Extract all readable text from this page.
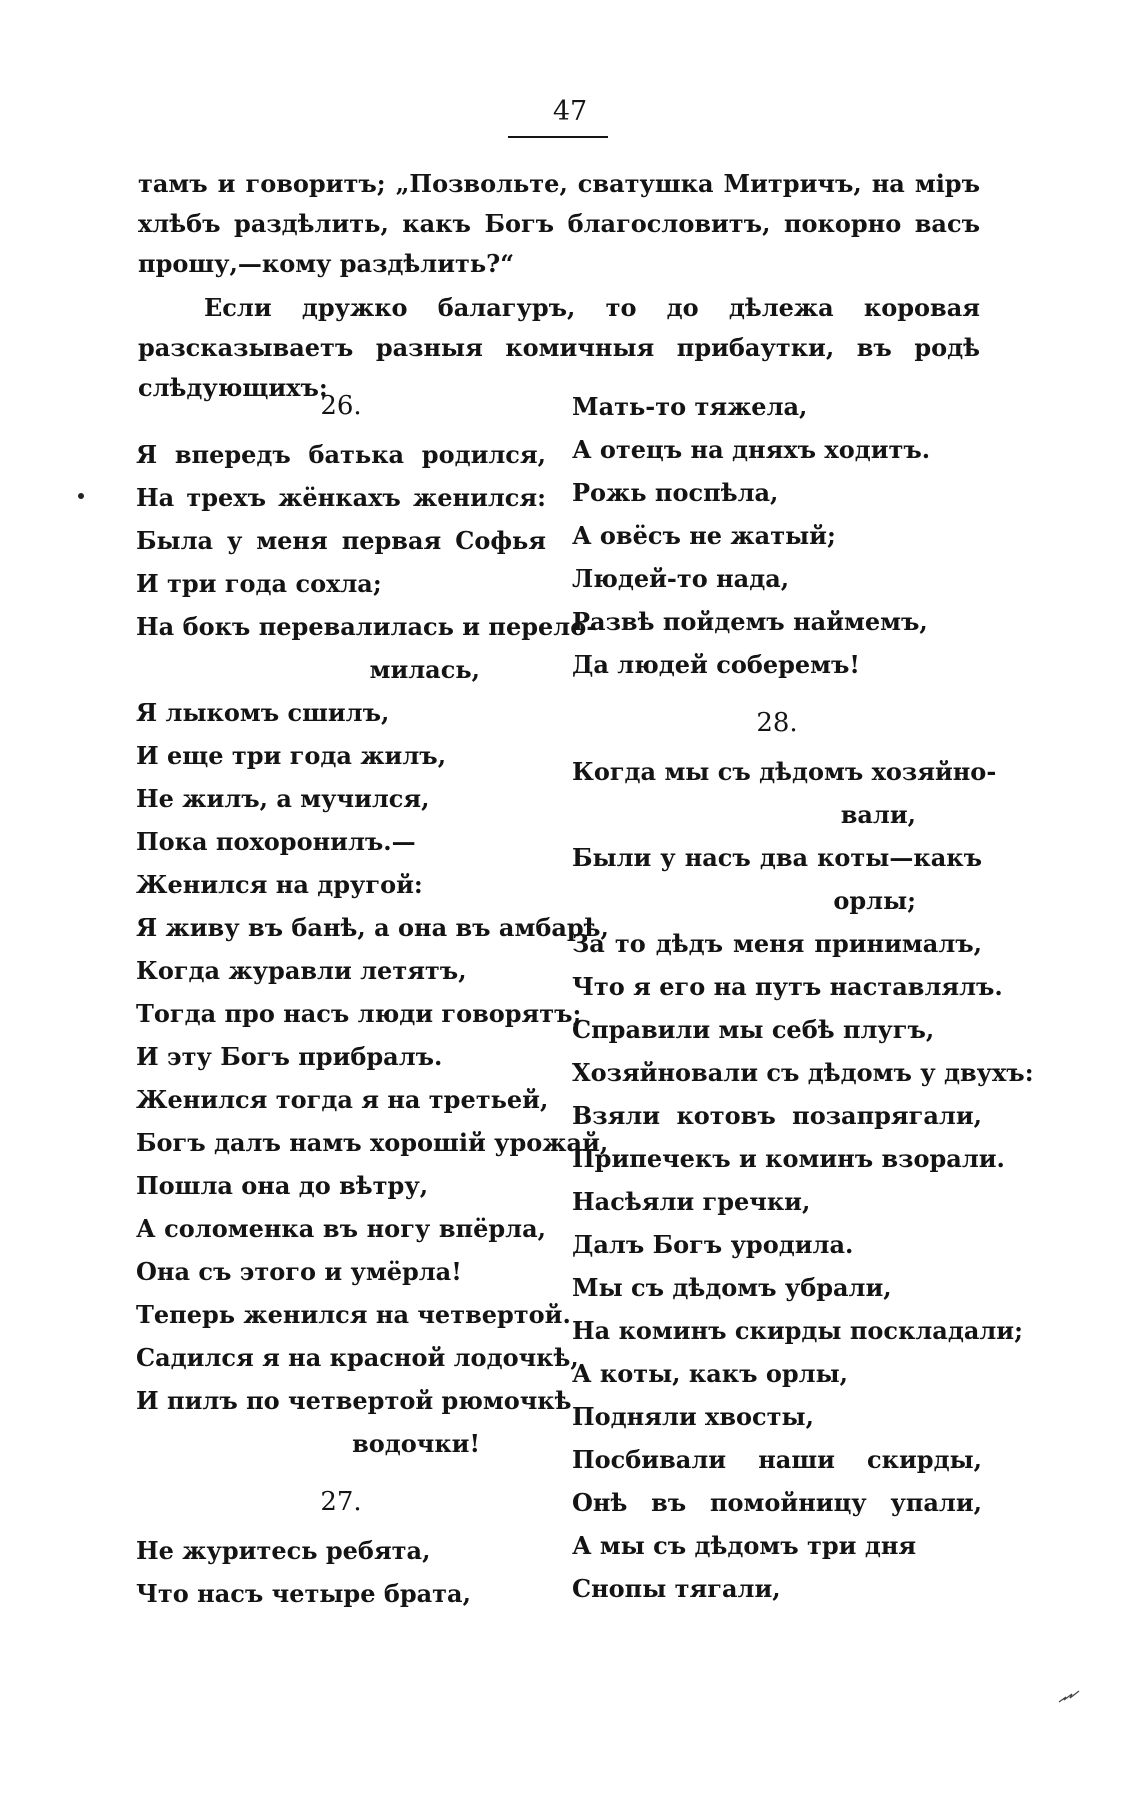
47

тамъ и говоритъ; „Позвольте, сватушка Митричъ, на міръ хлѣбъ раздѣлить, какъ Богъ благословитъ, покорно васъ прошу,—кому раздѣлить?“

Если дружко балагуръ, то до дѣлежа коровая разсказываетъ разныя комичныя прибаутки, въ родѣ слѣдующихъ:

26.
Я впередъ батька родился,
На трехъ жёнкахъ женился:
Была у меня первая Софья
И три года сохла;
На бокъ перевалилась и перело-
милась,
Я лыкомъ сшилъ,
И еще три года жилъ,
Не жилъ, а мучился,
Пока похоронилъ.—
Женился на другой:
Я живу въ банѣ, а она въ амбарѣ,
Когда журавли летятъ,
Тогда про насъ люди говорятъ;
И эту Богъ прибралъ.
Женился тогда я на третьей,
Богъ далъ намъ хорошій урожай,
Пошла она до вѣтру,
А соломенка въ ногу впёрла,
Она съ этого и умёрла!
Теперь женился на четвертой.
Садился я на красной лодочкѣ,
И пилъ по четвертой рюмочкѣ
водочки!
27.
Не журитесь ребята,
Что насъ четыре брата,
Мать-то тяжела,
А отецъ на дняхъ ходитъ.
Рожь поспѣла,
А овёсъ не жатый;
Людей-то нада,
Развѣ пойдемъ наймемъ,
Да людей соберемъ!
28.
Когда мы съ дѣдомъ хозяйно-
вали,
Были у насъ два коты—какъ
орлы;
За то дѣдъ меня принималъ,
Что я его на путъ наставлялъ.
Справили мы себѣ плугъ,
Хозяйновали съ дѣдомъ у двухъ:
Взяли котовъ позапрягали,
Припечекъ и коминъ взорали.
Насѣяли гречки,
Далъ Богъ уродила.
Мы съ дѣдомъ убрали,
На коминъ скирды поскладали;
А коты, какъ орлы,
Подняли хвосты,
Посбивали наши скирды,
Онѣ въ помойницу упали,
А мы съ дѣдомъ три дня
Снопы тягали,
